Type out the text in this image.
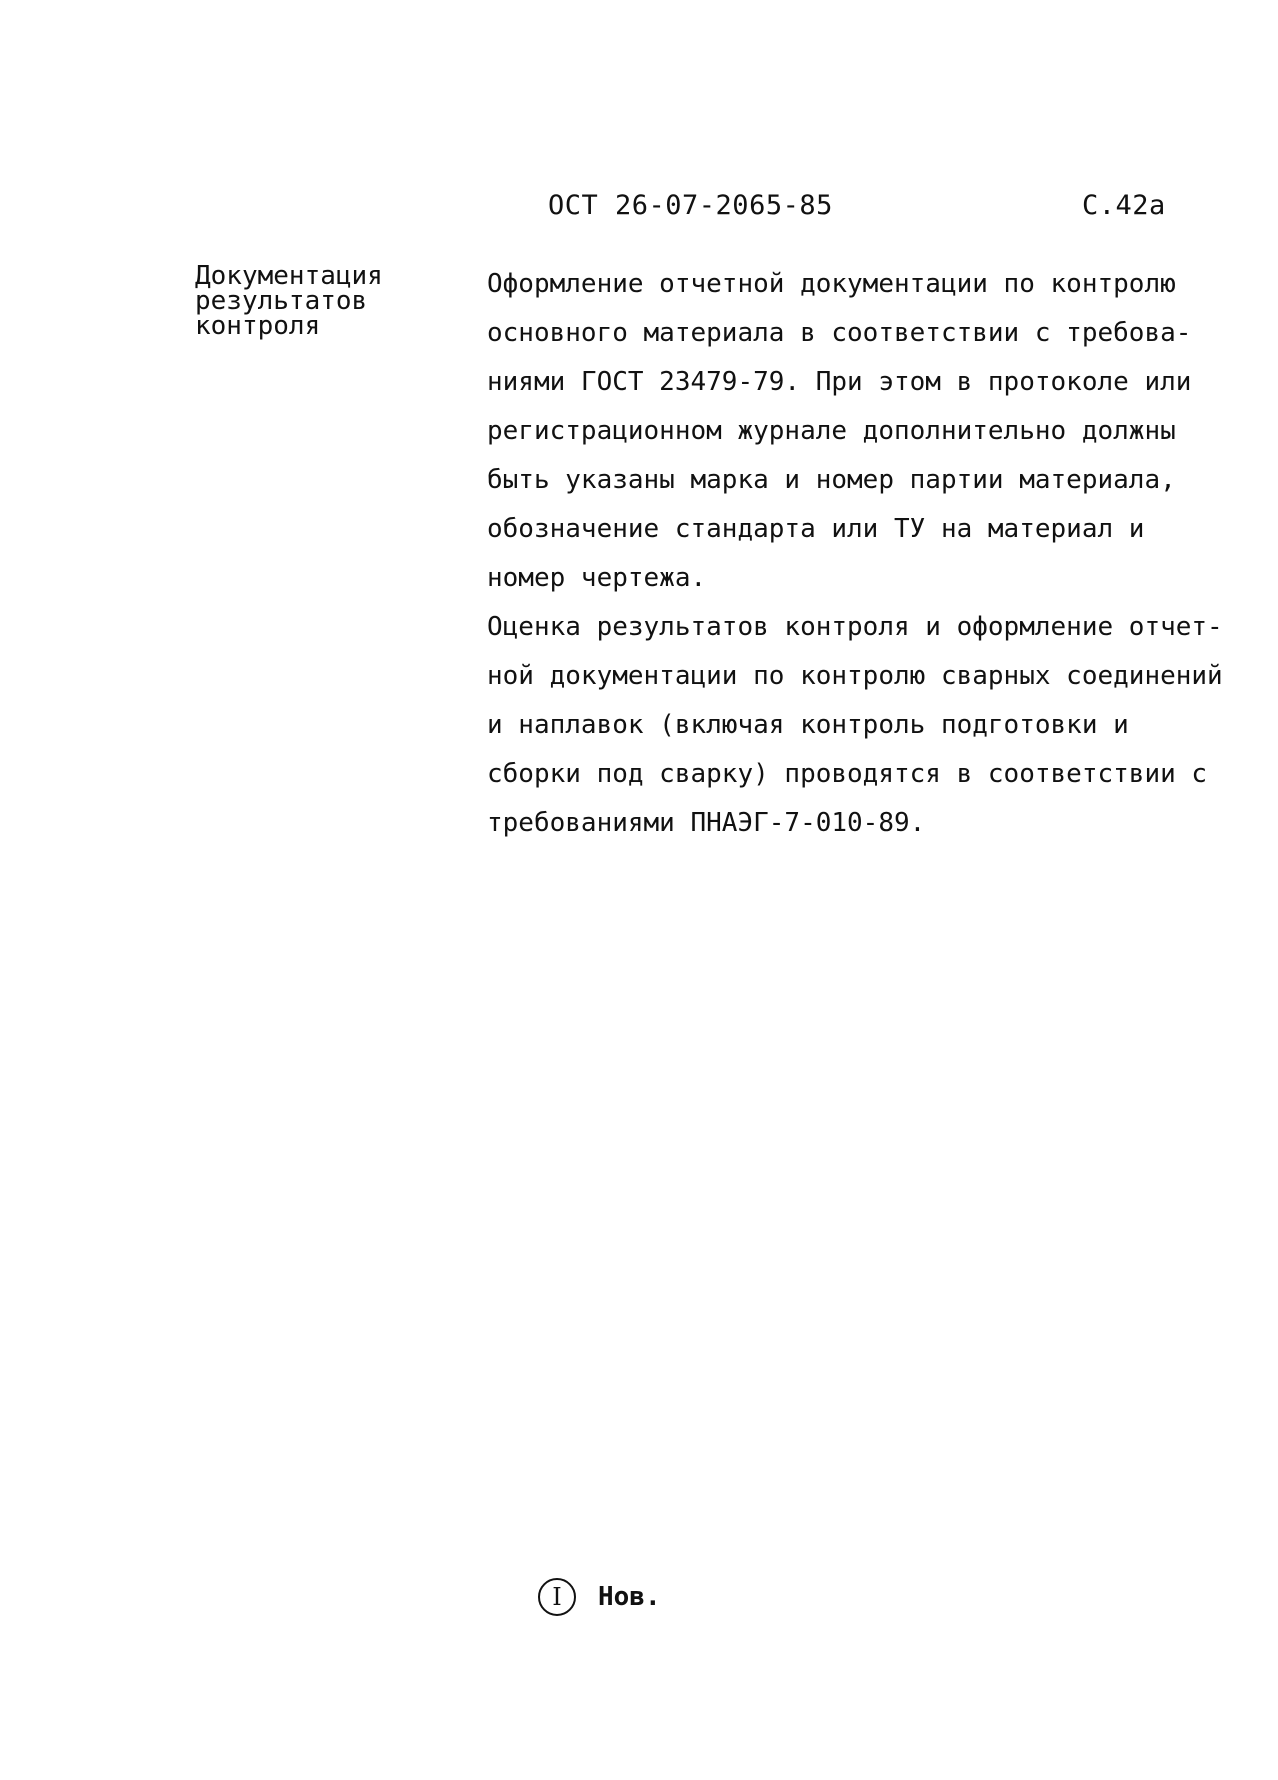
ОСТ 26-07-2065-85	С.42а
Документация
результатов
контроля
Оформление отчетной документации по контролю
основного материала в соответствии с требова-
ниями ГОСТ 23479-79. При этом в протоколе или
регистрационном журнале дополнительно должны
быть указаны марка и номер партии материала,
обозначение стандарта или ТУ на материал и
номер чертежа.
Оценка результатов контроля и оформление отчет-
ной документации по контролю сварных соединений
и наплавок (включая контроль подготовки и
сборки под сварку) проводятся в соответствии с
требованиями ПНАЭГ-7-010-89.
I	Нов.
